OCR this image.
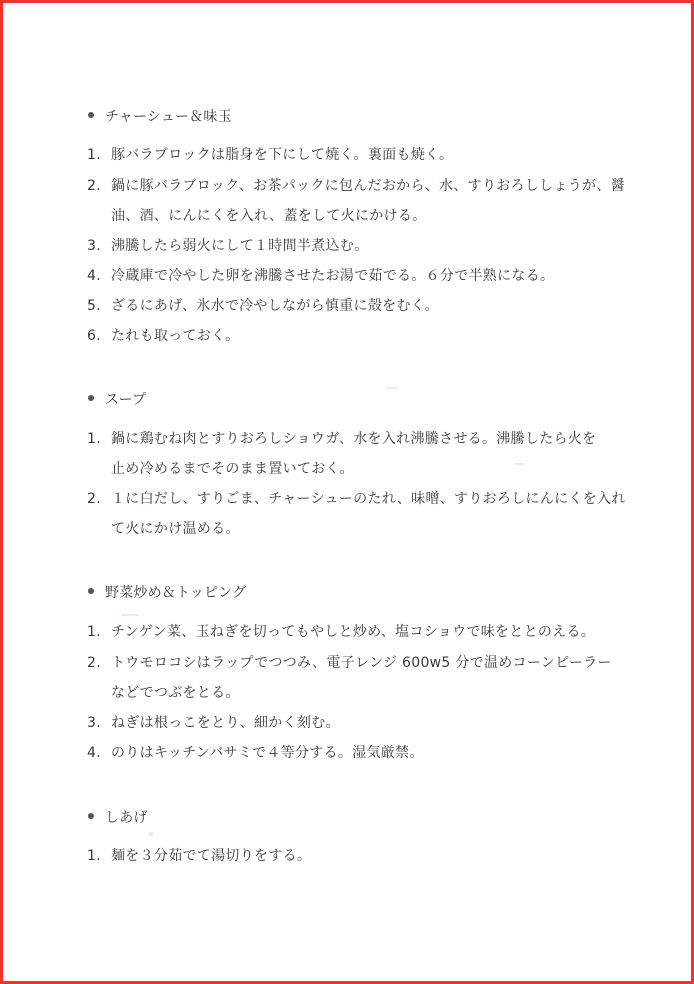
チャーシュー＆味玉
1. 豚バラブロックは脂身を下にして焼く。裏面も焼く。
2. 鍋に豚バラブロック、お茶パックに包んだおから、水、すりおろししょうが、醤
油、酒、にんにくを入れ、蓋をして火にかける。
3. 沸騰したら弱火にして１時間半煮込む。
4. 冷蔵庫で冷やした卵を沸騰させたお湯で茹でる。６分で半熟になる。
5. ざるにあげ、氷水で冷やしながら慎重に殻をむく。
6. たれも取っておく。
スープ
1. 鍋に鶏むね肉とすりおろしショウガ、水を入れ沸騰させる。沸騰したら火を
止め冷めるまでそのまま置いておく。
2. １に白だし、すりごま、チャーシューのたれ、味噌、すりおろしにんにくを入れ
て火にかけ温める。
野菜炒め＆トッピング
1. チンゲン菜、玉ねぎを切ってもやしと炒め、塩コショウで味をととのえる。
2. トウモロコシはラップでつつみ、電子レンジ 600w5 分で温めコーンピーラー
などでつぶをとる。
3. ねぎは根っこをとり、細かく刻む。
4. のりはキッチンバサミで４等分する。湿気厳禁。
しあげ
1. 麺を３分茹でて湯切りをする。
